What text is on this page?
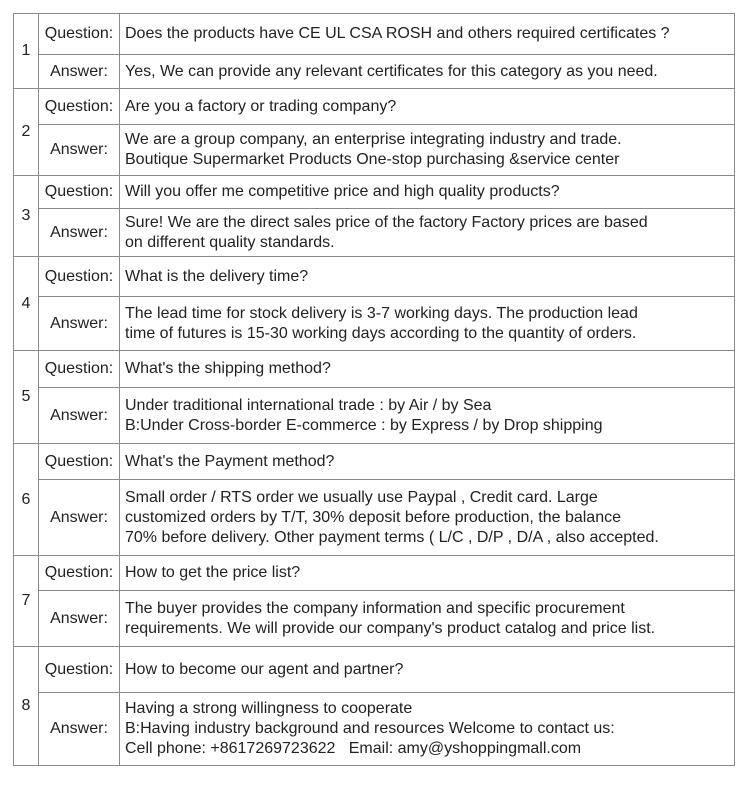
1	Question:	Does the products have CE UL CSA ROSH and others required certificates ?
	Answer:	Yes, We can provide any relevant certificates for this category as you need.

2	Question:	Are you a factory or trading company?
	Answer:	We are a group company, an enterprise integrating industry and trade.
Boutique Supermarket Products One-stop purchasing &service center

3	Question:	Will you offer me competitive price and high quality products?
	Answer:	Sure! We are the direct sales price of the factory Factory prices are based
on different quality standards.

4	Question:	What is the delivery time?
	Answer:	The lead time for stock delivery is 3-7 working days. The production lead
time of futures is 15-30 working days according to the quantity of orders.

5	Question:	What's the shipping method?
	Answer:	Under traditional international trade : by Air / by Sea
B:Under Cross-border E-commerce : by Express / by Drop shipping

6	Question:	What's the Payment method?
	Answer:	Small order / RTS order we usually use Paypal , Credit card. Large
customized orders by T/T, 30% deposit before production, the balance
70% before delivery. Other payment terms ( L/C , D/P , D/A , also accepted.

7	Question:	How to get the price list?
	Answer:	The buyer provides the company information and specific procurement
requirements. We will provide our company's product catalog and price list.

8	Question:	How to become our agent and partner?
	Answer:	Having a strong willingness to cooperate
B:Having industry background and resources Welcome to contact us:
Cell phone: +8617269723622   Email: amy@yshoppingmall.com
